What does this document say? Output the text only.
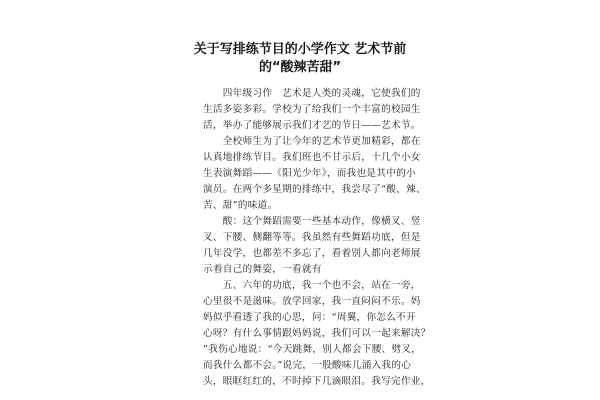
关于写排练节目的小学作文 艺术节前
的“酸辣苦甜”
　　四年级习作　艺术是人类的灵魂，它使我们的
生活多姿多彩。学校为了给我们一个丰富的校园生
活，举办了能够展示我们才艺的节日——艺术节。
　　全校师生为了让今年的艺术节更加精彩，都在
认真地排练节目。我们班也不甘示后，十几个小女
生表演舞蹈——《阳光少年》，而我也是其中的小
演员。在两个多星期的排练中，我尝尽了“酸、辣、
苦、甜”的味道。
　　酸：这个舞蹈需要一些基本动作，像横叉、竖
叉、下腰、侧翻等等。我虽然有些舞蹈功底，但是
几年没学，也都差不多忘了，看着别人都向老师展
示着自己的舞姿，一看就有
　　五、六年的功底，我一个也不会，站在一旁，
心里很不是滋味。放学回家，我一直闷闷不乐。妈
妈似乎看透了我的心思，问：“周翼，你怎么不开
心呀？有什么事情跟妈妈说，我们可以一起来解决？
”我伤心地说：“今天跳舞，别人都会下腰、劈叉，
而我什么都不会。”说完，一股酸味儿涌入我的心
头，眼眶红红的，不时掉下几滴眼泪。我写完作业，
